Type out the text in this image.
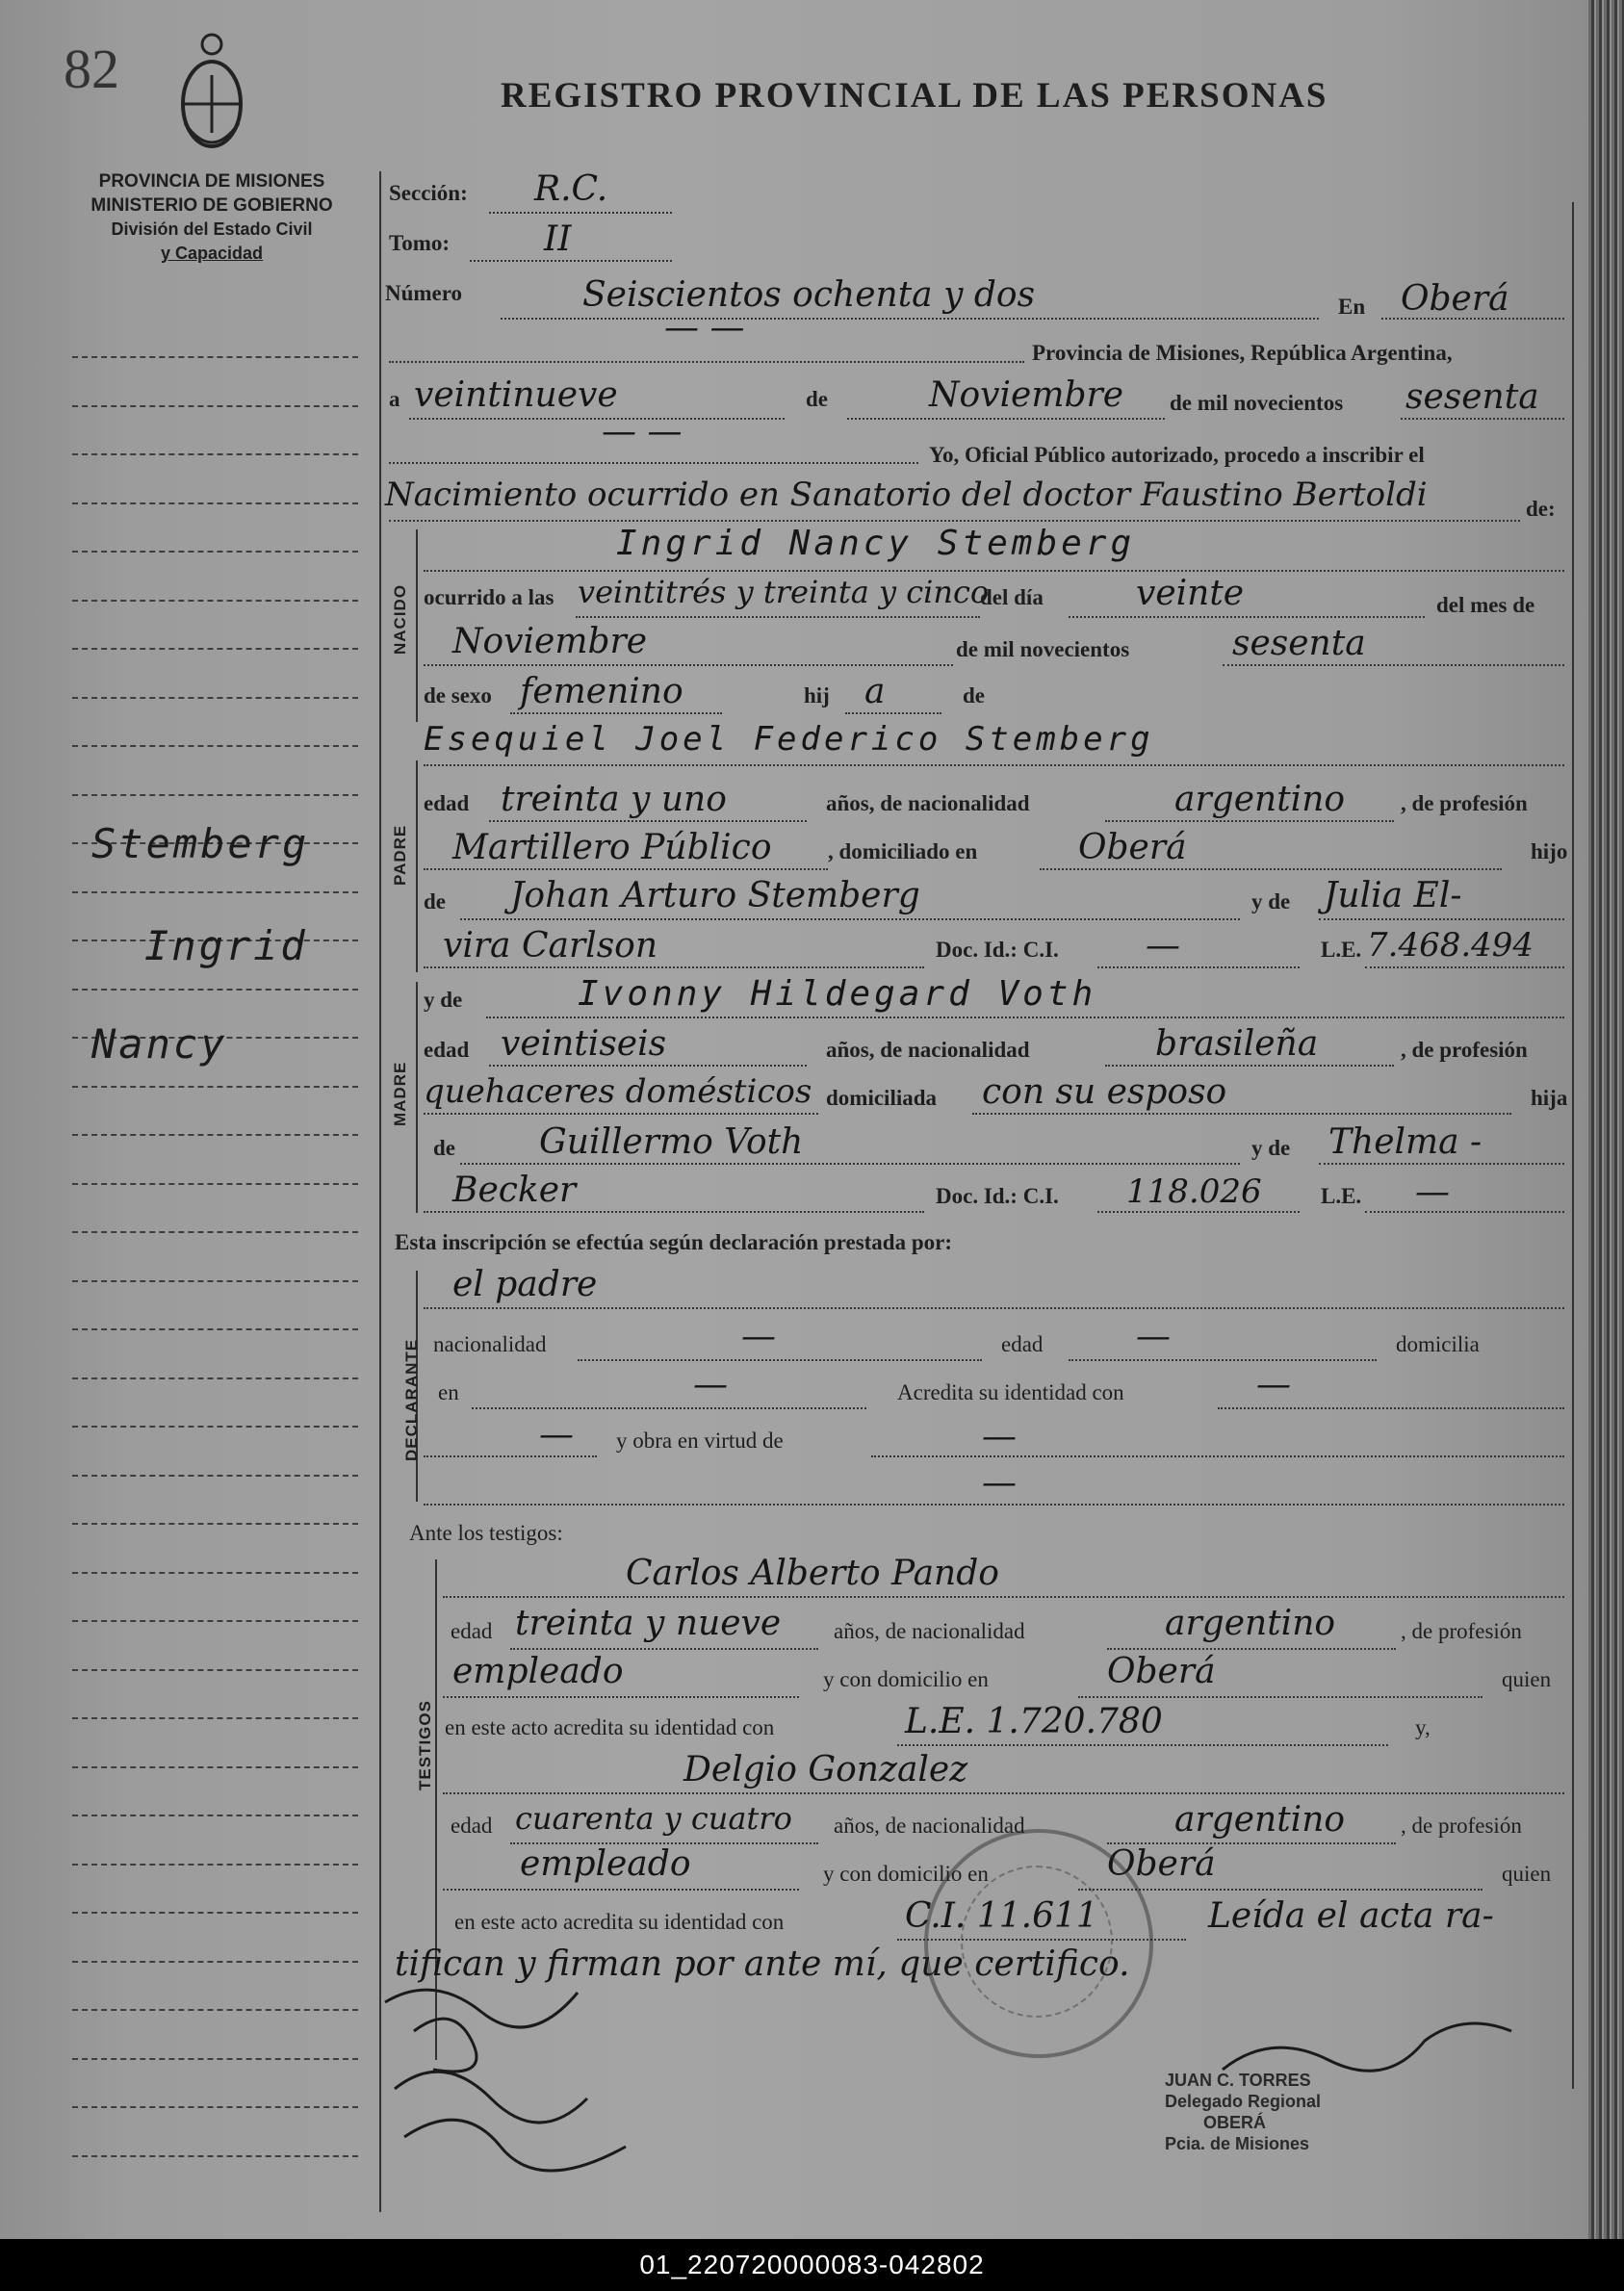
82	REGISTRO PROVINCIAL DE LAS PERSONAS
PROVINCIA DE MISIONES
MINISTERIO DE GOBIERNO
División del Estado Civil
y Capacidad
Stemberg
Ingrid
Nancy
Sección: R.C.
Tomo:	II
Número	Seiscientos ochenta y dos	En Oberá
— —
Provincia de Misiones, República Argentina,
a veintinueve	de	Noviembre de mil novecientos sesenta
— —
Yo, Oficial Público autorizado, procedo a inscribir el
Nacimiento ocurrido en Sanatorio del doctor Faustino Bertoldi	de:
NACIDO
Ingrid Nancy Stemberg
ocurrido a las veintitrés y treinta y cinco
del día	veinte	del mes de
Noviembre	de mil novecientos	sesenta
de sexo femenino	hij a	de
PADRE
Esequiel Joel Federico Stemberg
edad treinta y uno	años, de nacionalidad	argentino	, de profesión
Martillero Público	, domiciliado en	Oberá	hijo
de Johan Arturo Stemberg	y de Julia El-
vira Carlson	Doc. Id.: C.I.	—	L.E. 7.468.494
MADRE
y de	Ivonny Hildegard Voth
edad veintiseis	años, de nacionalidad	brasileña	, de profesión
quehaceres domésticos domiciliada con su esposo	hija
de Guillermo Voth	y de Thelma -
Becker	Doc. Id.: C.I. 118.026	L.E. —
Esta inscripción se efectúa según declaración prestada por:
DECLARANTE
el padre
nacionalidad	—	edad	—	domicilia
en	—	Acredita su identidad con	—
— y obra en virtud de	—
—
Ante los testigos:
TESTIGOS
Carlos Alberto Pando
edad treinta y nueve años, de nacionalidad	argentino	, de profesión
empleado	y con domicilio en	Oberá	quien
en este acto acredita su identidad con	L.E. 1.720.780	y,
Delgio Gonzalez
edad cuarenta y cuatro años, de nacionalidad	argentino	, de profesión
empleado	y con domicilio en	Oberá	quien
en este acto acredita su identidad con	C.I. 11.611	Leída el acta ra-
tifican y firman por ante mí, que certifico.
JUAN C. TORRES
Delegado Regional
OBERÁ
Pcia. de Misiones
01_220720000083-042802
